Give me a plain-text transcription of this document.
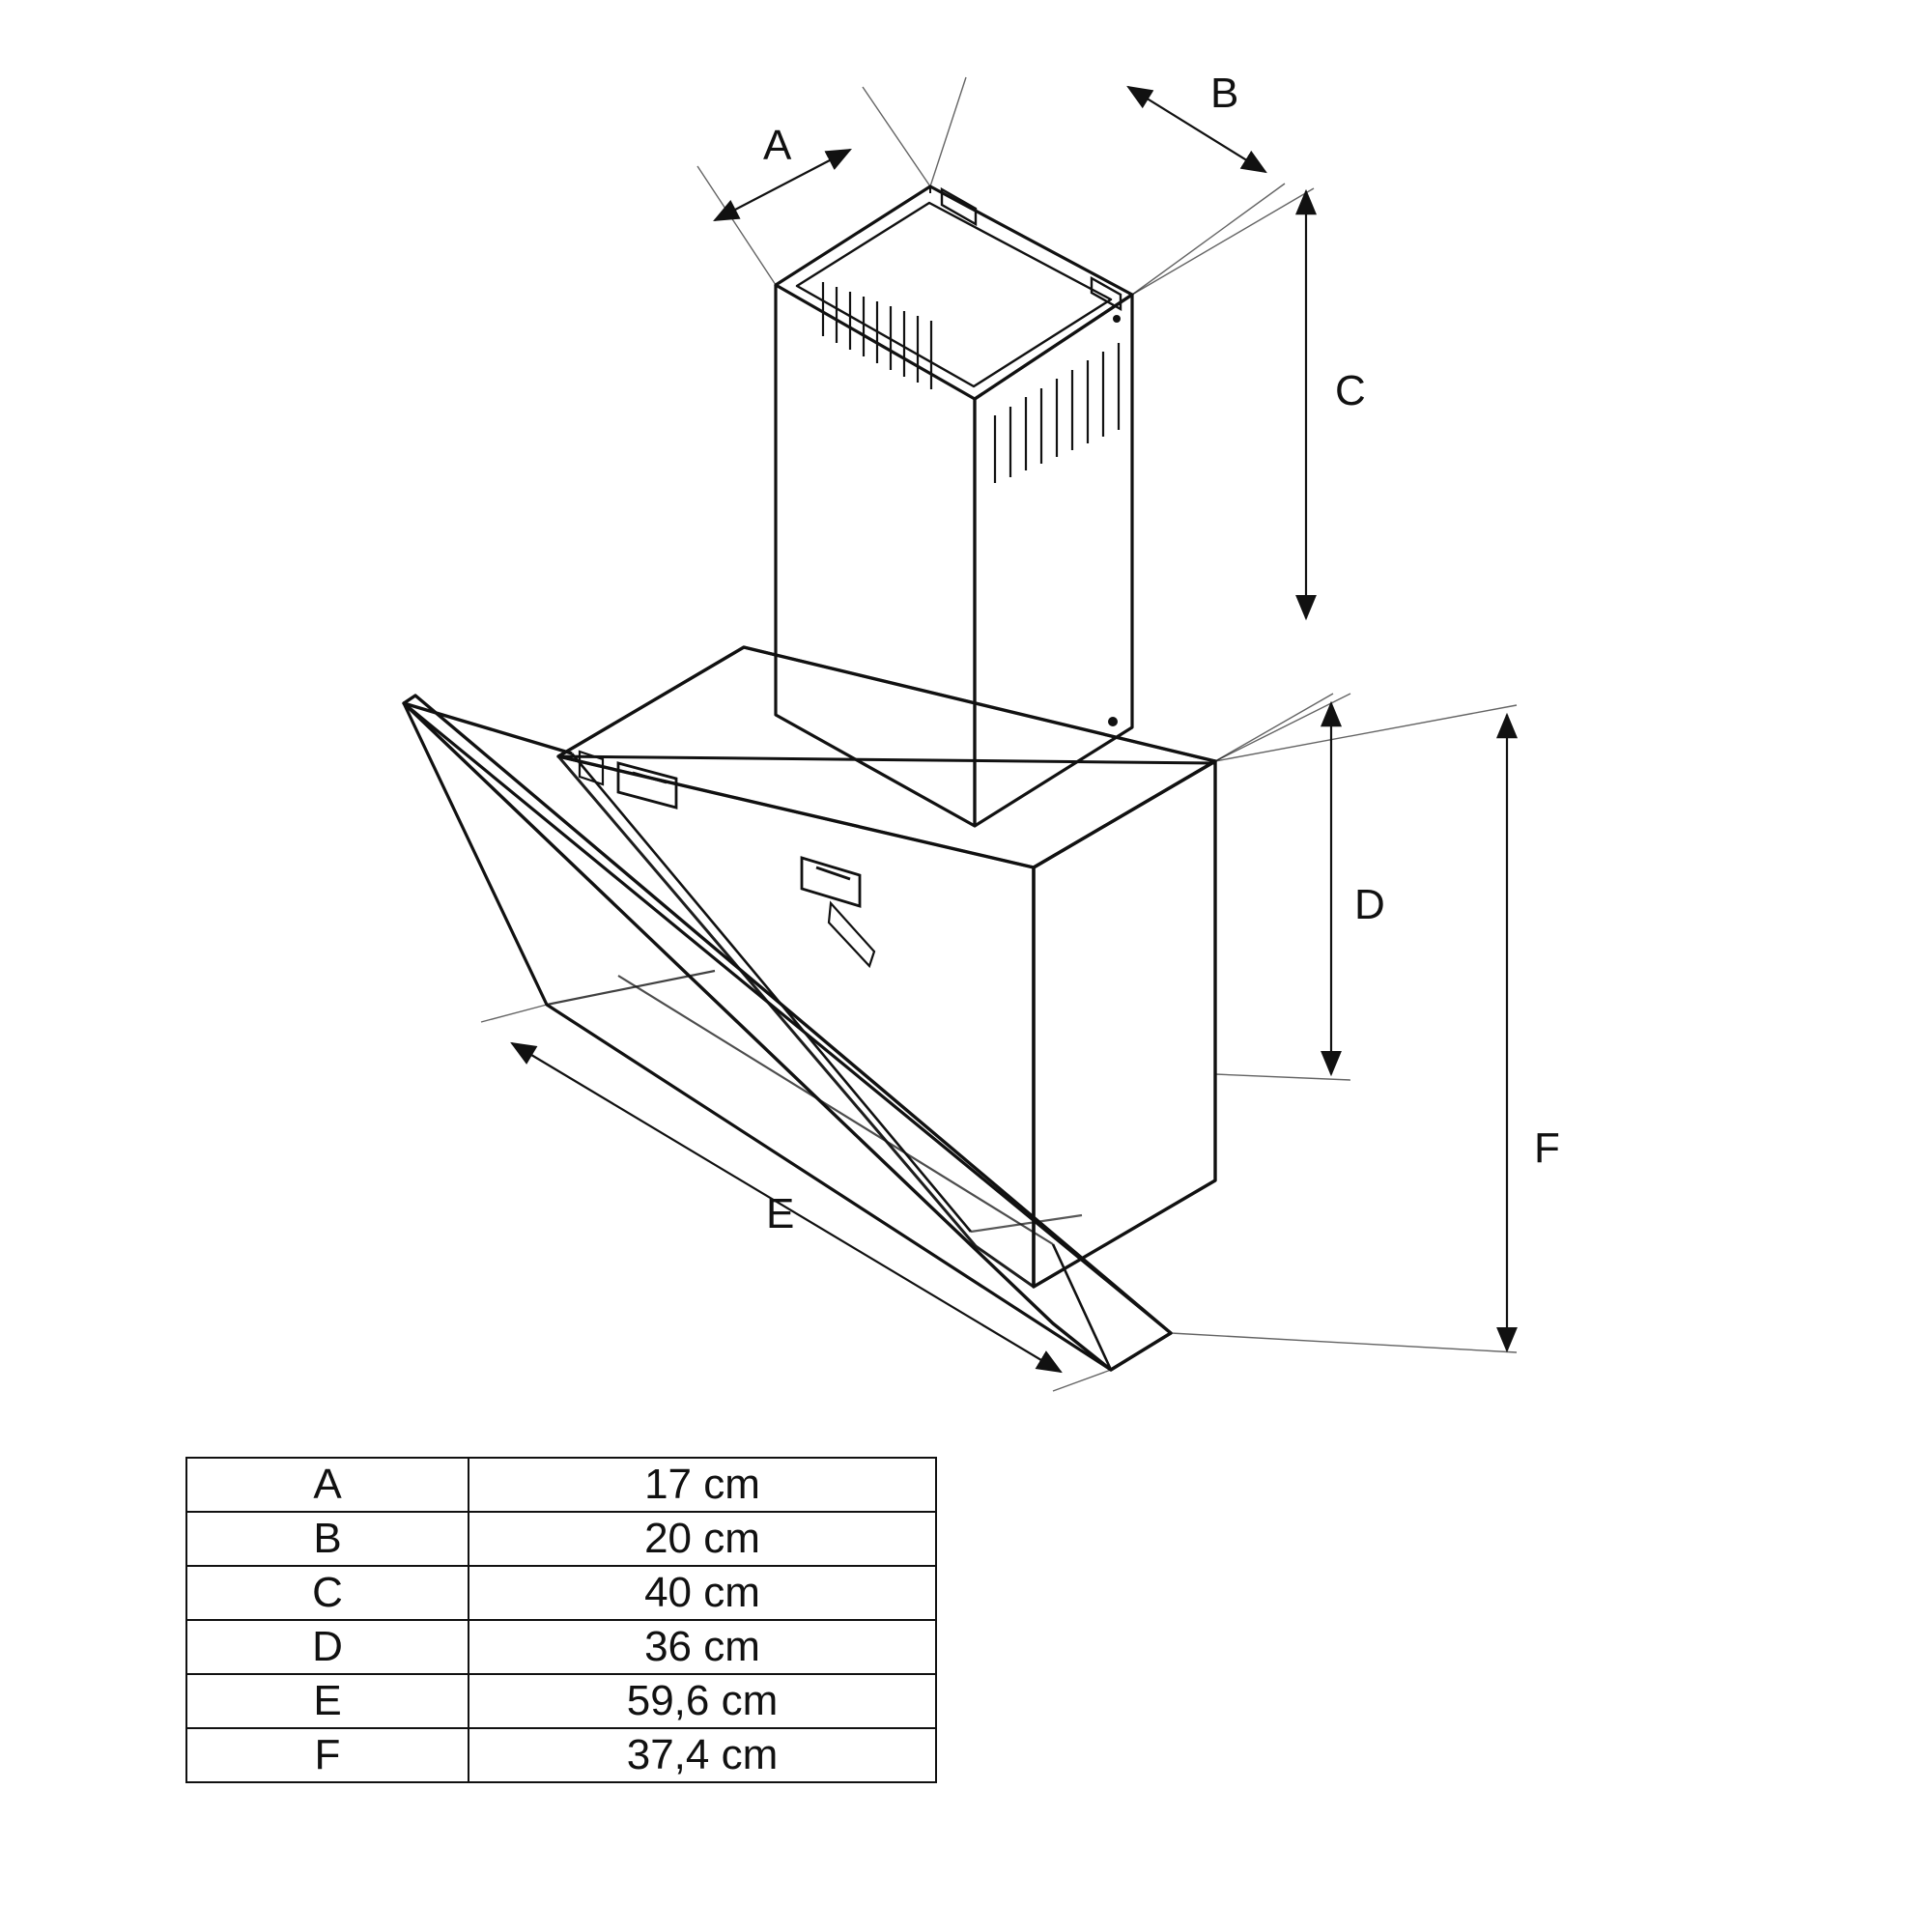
A
B
C
D
E
F
A	17 cm
B	20 cm
C	40 cm
D	36 cm
E	59,6 cm
F	37,4 cm
